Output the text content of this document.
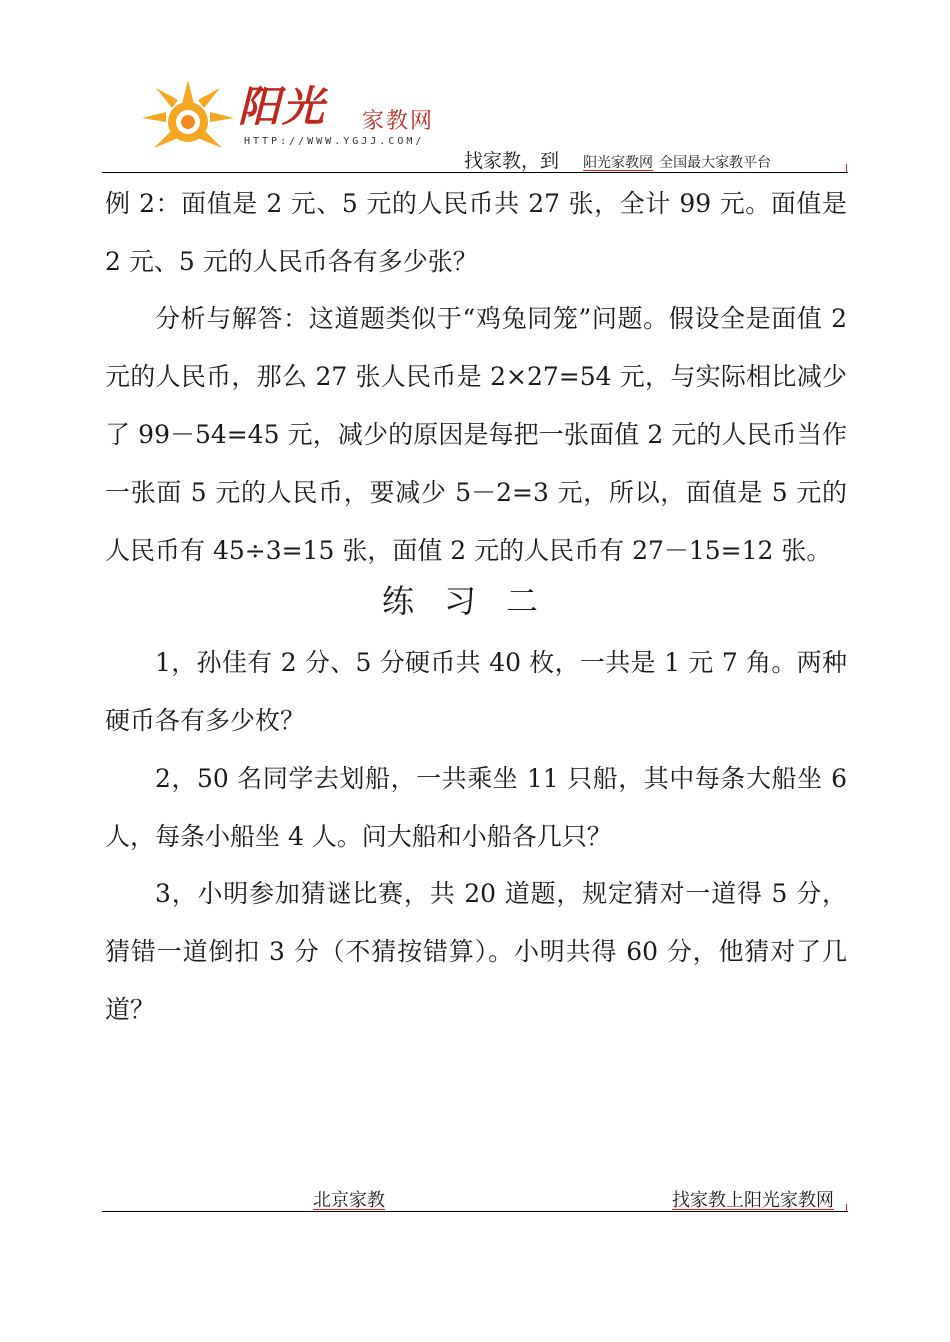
阳光 家教网
HTTP://WWW.YGJJ.COM/
找家教，到 阳光家教网 全国最大家教平台
例 2：面值是 2 元、5 元的人民币共 27 张，全计 99 元。面值是 2 元、5 元的人民币各有多少张？
分析与解答：这道题类似于“鸡兔同笼”问题。假设全是面值 2 元的人民币，那么 27 张人民币是 2×27=54 元，与实际相比减少了 99－54=45 元，减少的原因是每把一张面值 2 元的人民币当作一张面 5 元的人民币，要减少 5－2=3 元，所以，面值是 5 元的人民币有 45÷3=15 张，面值 2 元的人民币有 27－15=12 张。
练习二
1，孙佳有 2 分、5 分硬币共 40 枚，一共是 1 元 7 角。两种硬币各有多少枚？
2，50 名同学去划船，一共乘坐 11 只船，其中每条大船坐 6 人，每条小船坐 4 人。问大船和小船各几只？
3，小明参加猜谜比赛，共 20 道题，规定猜对一道得 5 分，猜错一道倒扣 3 分（不猜按错算）。小明共得 60 分，他猜对了几道？
北京家教	找家教上阳光家教网
